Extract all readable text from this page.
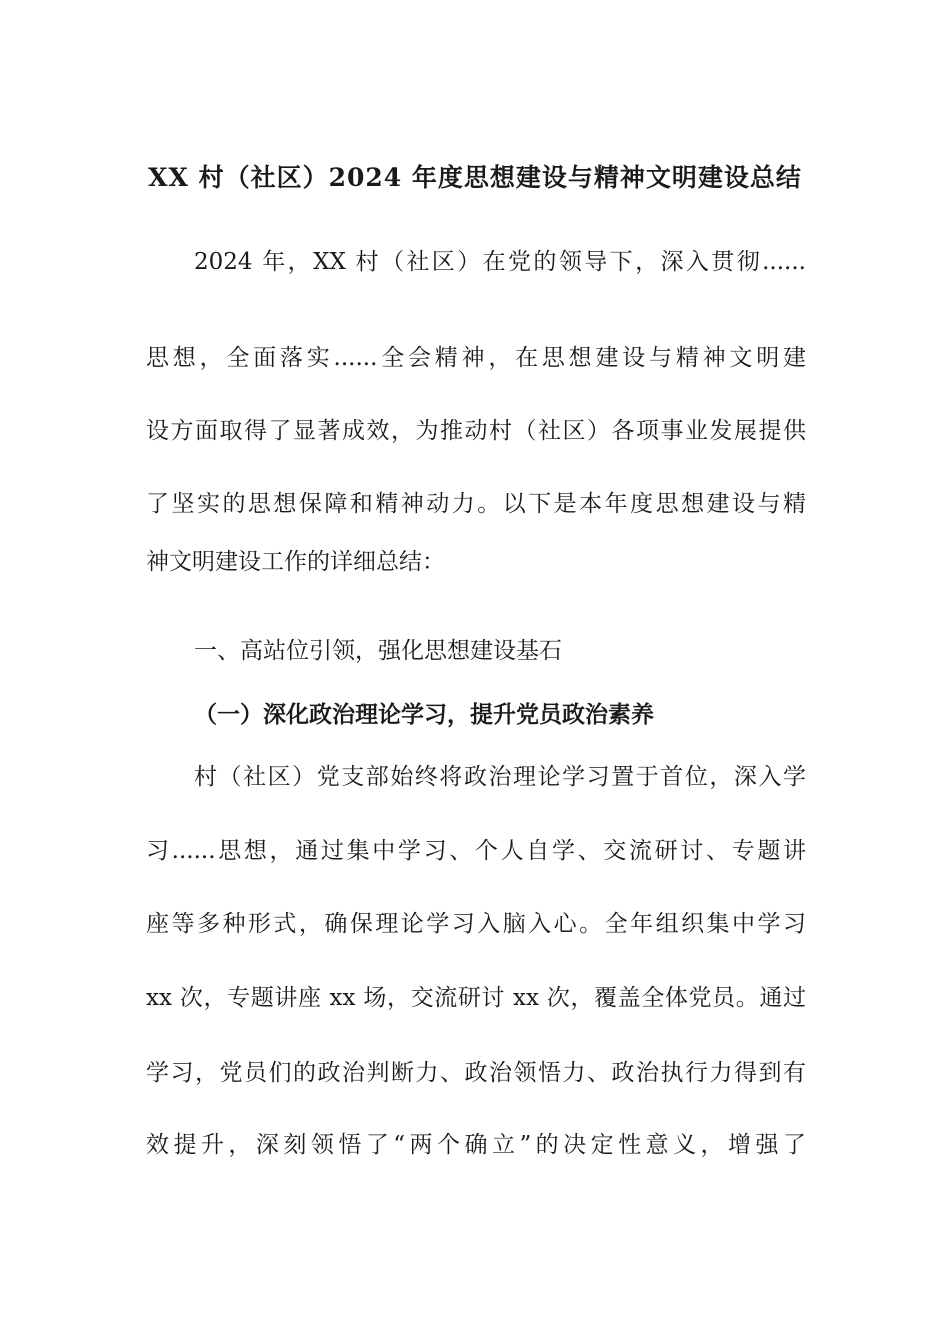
XX 村（社区）2024 年度思想建设与精神文明建设总结
2024 年，XX 村（社区）在党的领导下，深入贯彻......
思想，全面落实......全会精神，在思想建设与精神文明建
设方面取得了显著成效，为推动村（社区）各项事业发展提供
了坚实的思想保障和精神动力。以下是本年度思想建设与精
神文明建设工作的详细总结：
一、高站位引领，强化思想建设基石
（一）深化政治理论学习，提升党员政治素养
村（社区）党支部始终将政治理论学习置于首位，深入学
习......思想，通过集中学习、个人自学、交流研讨、专题讲
座等多种形式，确保理论学习入脑入心。全年组织集中学习
xx 次，专题讲座 xx 场，交流研讨 xx 次，覆盖全体党员。通过
学习，党员们的政治判断力、政治领悟力、政治执行力得到有
效提升，深刻领悟了“两个确立”的决定性意义，增强了
